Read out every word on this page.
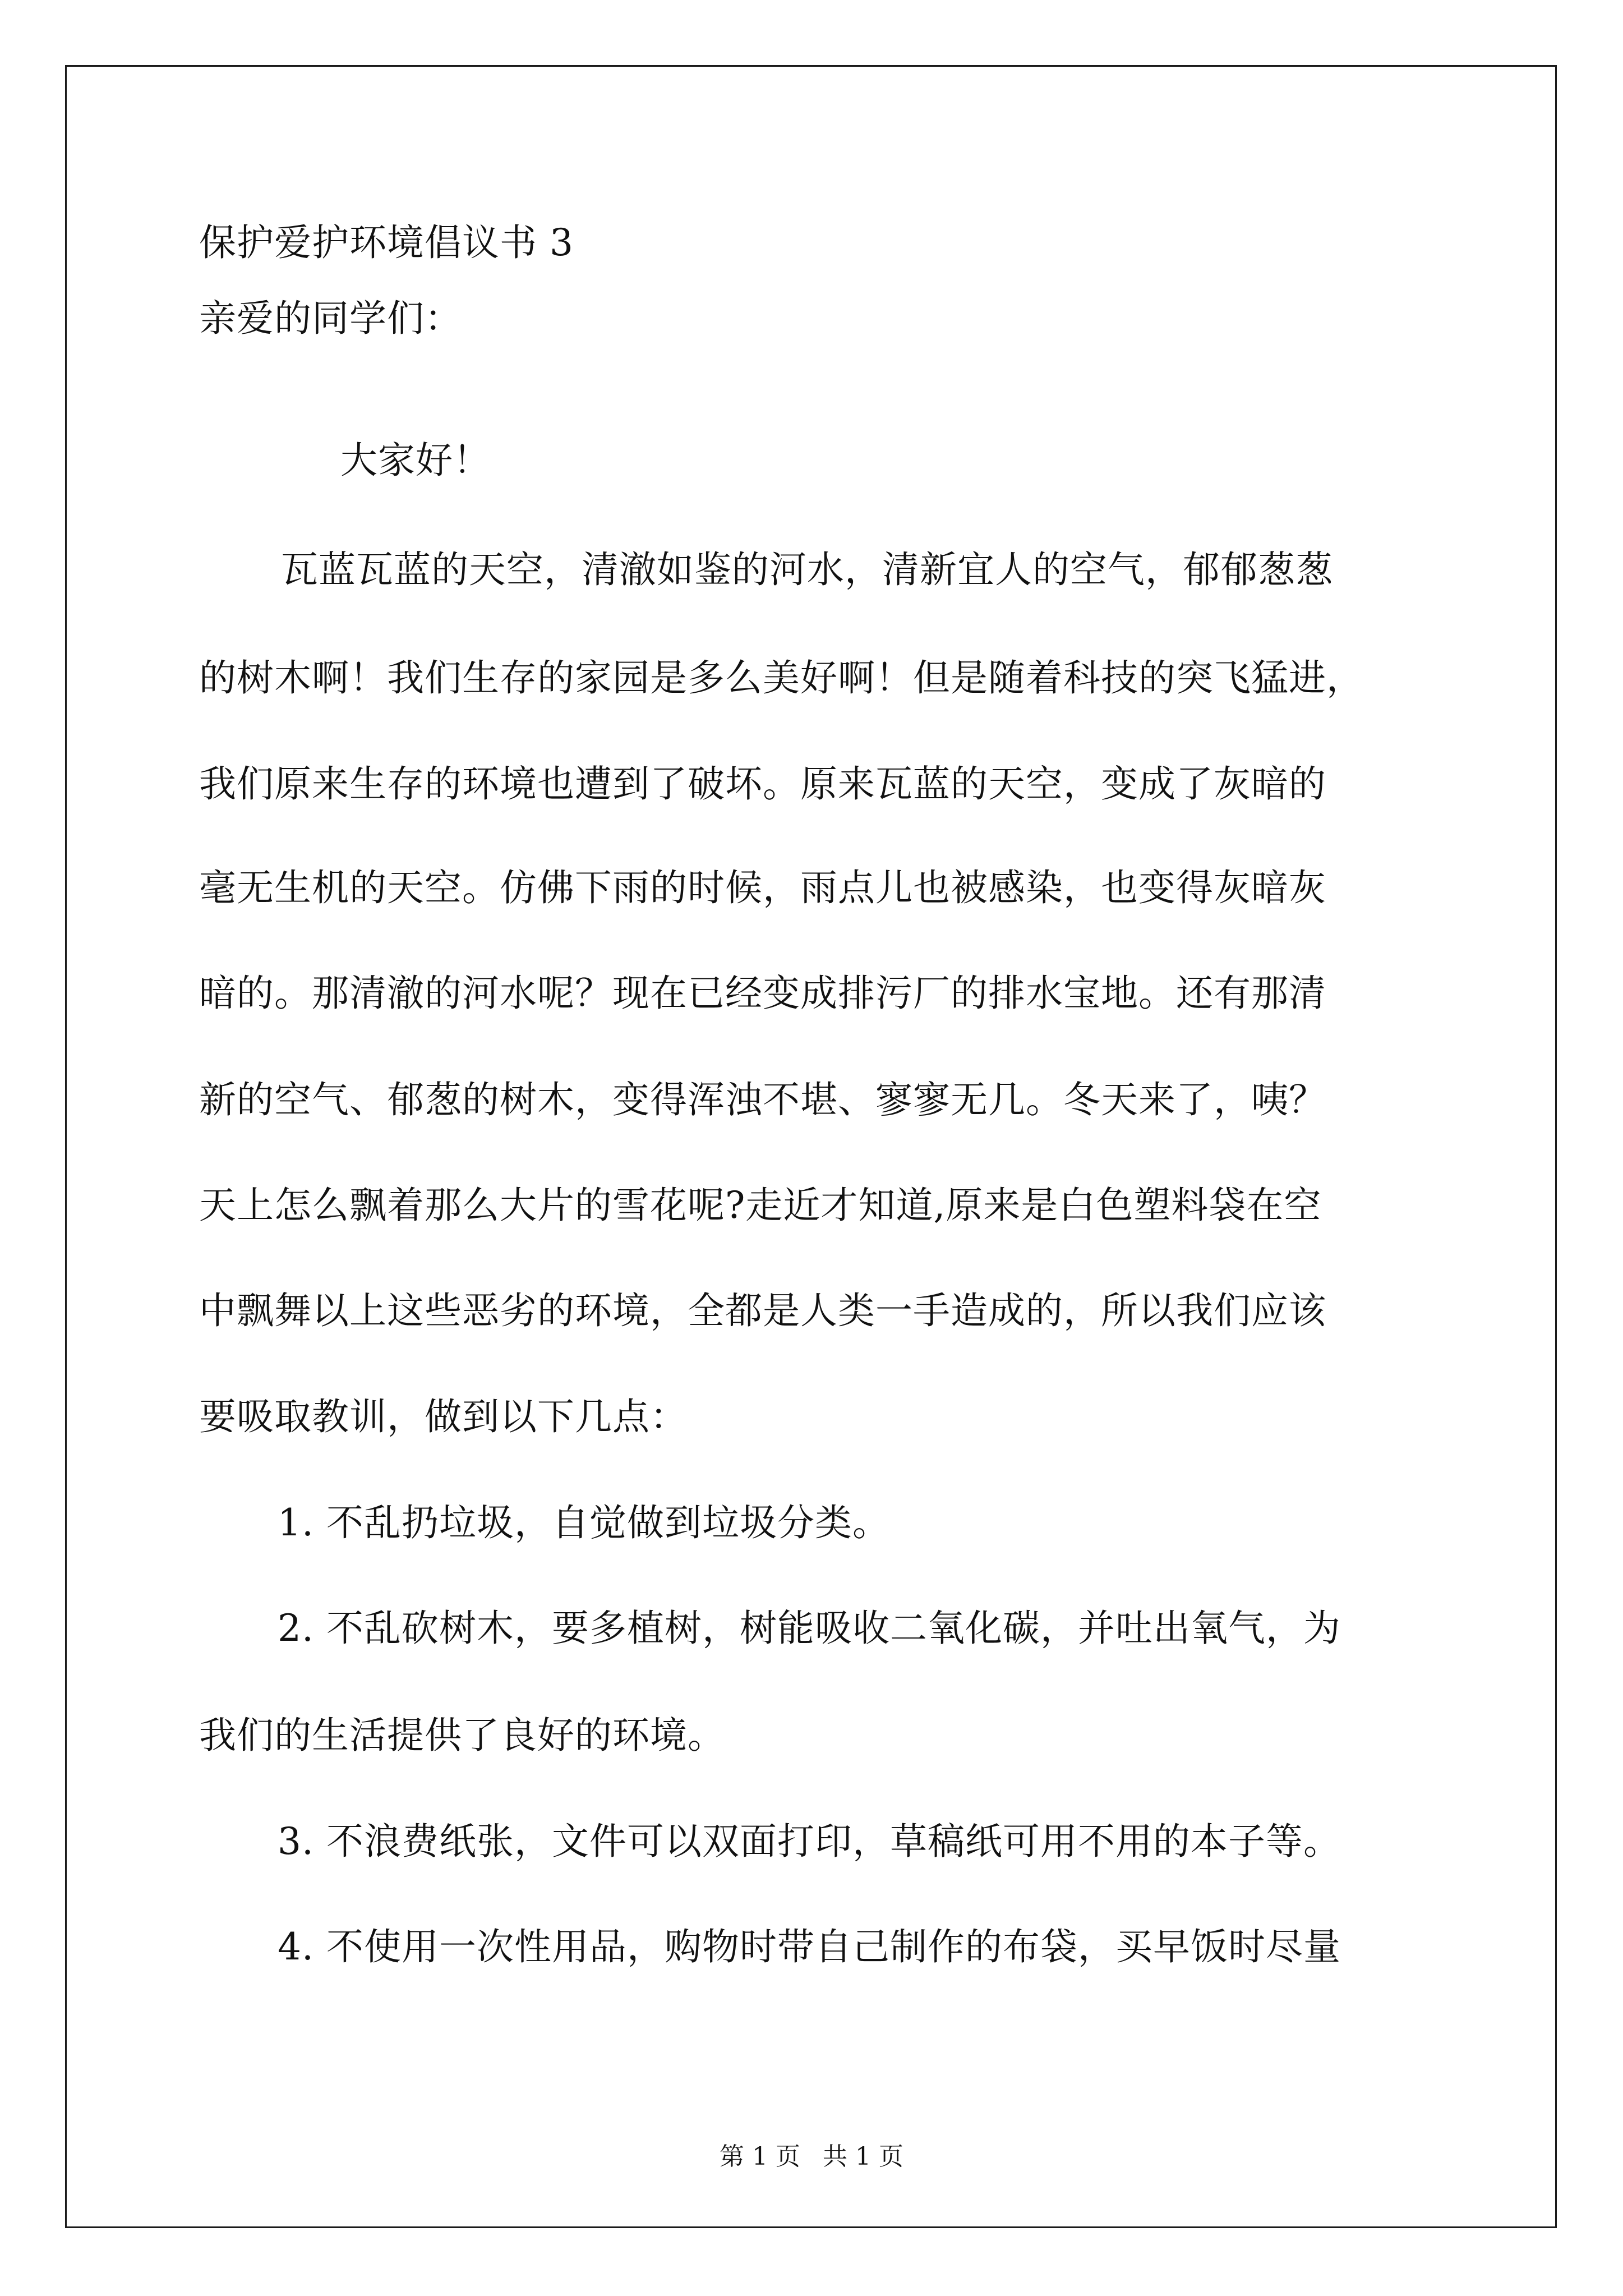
保护爱护环境倡议书 3
亲爱的同学们：
大家好！
瓦蓝瓦蓝的天空，清澈如鉴的河水，清新宜人的空气，郁郁葱葱
的树木啊！我们生存的家园是多么美好啊！但是随着科技的突飞猛进，
我们原来生存的环境也遭到了破坏。原来瓦蓝的天空，变成了灰暗的
毫无生机的天空。仿佛下雨的时候，雨点儿也被感染，也变得灰暗灰
暗的。那清澈的河水呢？现在已经变成排污厂的排水宝地。还有那清
新的空气、郁葱的树木，变得浑浊不堪、寥寥无几。冬天来了，咦？
天上怎么飘着那么大片的雪花呢?走近才知道,原来是白色塑料袋在空
中飘舞以上这些恶劣的环境，全都是人类一手造成的，所以我们应该
要吸取教训，做到以下几点：
1. 不乱扔垃圾，自觉做到垃圾分类。
2. 不乱砍树木，要多植树，树能吸收二氧化碳，并吐出氧气，为
我们的生活提供了良好的环境。
3. 不浪费纸张，文件可以双面打印，草稿纸可用不用的本子等。
4. 不使用一次性用品，购物时带自己制作的布袋，买早饭时尽量
第 1 页 共 1 页
